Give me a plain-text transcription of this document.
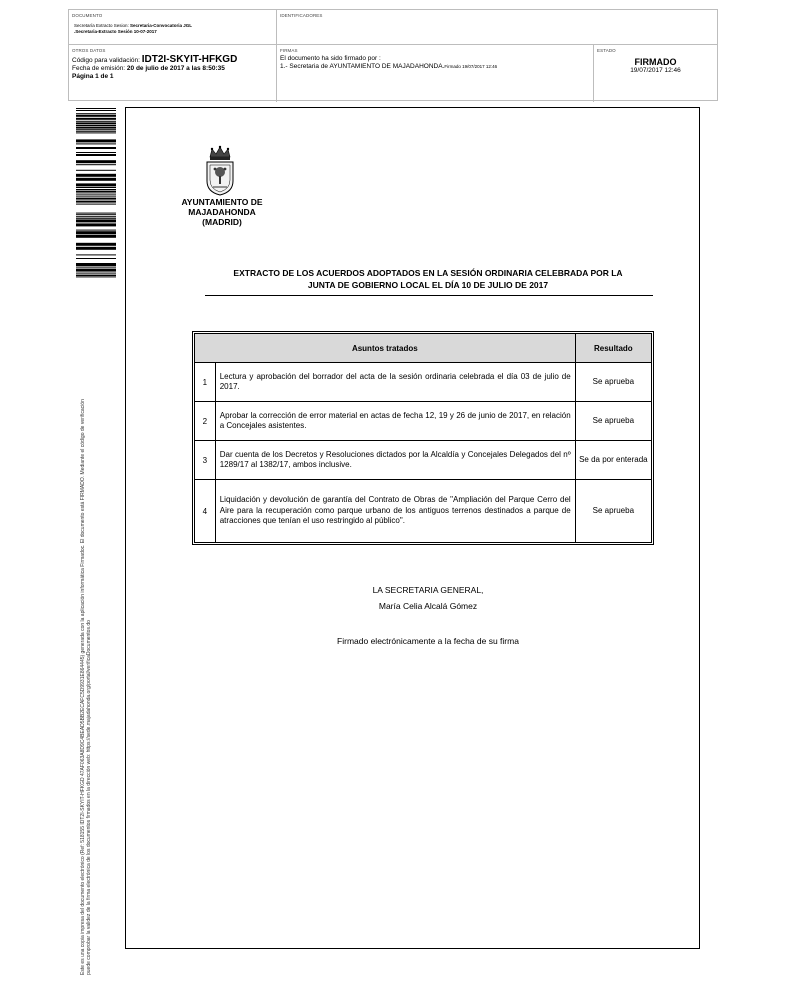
DOCUMENTO
Secretaría Extracto Sesion: Secretaria-Convocatoria JGL
.Secretaria-Extracto Sesión 10-07-2017
IDENTIFICADORES
OTROS DATOS
Código para validación: IDT2I-SKYIT-HFKGD
Fecha de emisión: 20 de julio de 2017 a las 8:50:35
Página 1 de 1
FIRMAS
El documento ha sido firmado por :
1.- Secretaria de AYUNTAMIENTO DE MAJADAHONDA.Firmado 19/07/2017 12:46
ESTADO
FIRMADO
19/07/2017 12:46
Este es una copia impresa del documento electrónico (Ref: 518155 IDT2I-SKYIT-HFKGD 47AF063A8D9C4BEAD5BB2ECAFC5D9931E864445) generada con la aplicación informática Firmadoc. El documento está FIRMADO. Mediante el código de verificación puede comprobar la validez de la firma electrónica de los documentos firmados en la dirección web: https://sede.majadahonda.org/portal/verificaDocumentos.do
AYUNTAMIENTO DE
MAJADAHONDA
(MADRID)
EXTRACTO DE LOS ACUERDOS ADOPTADOS EN LA SESIÓN ORDINARIA CELEBRADA POR LA
JUNTA DE GOBIERNO LOCAL EL DÍA 10 DE JULIO DE 2017
Asuntos tratados		Resultado
1	Lectura y aprobación del borrador del acta de la sesión ordinaria celebrada el día 03 de julio de 2017.	Se aprueba
2	Aprobar la corrección de error material en actas de fecha 12, 19 y 26 de junio de 2017, en relación a Concejales asistentes.	Se aprueba
3	Dar cuenta de los Decretos y Resoluciones dictados por la Alcaldía y Concejales Delegados del nº 1289/17 al 1382/17, ambos inclusive.	Se da por enterada
4	Liquidación y devolución de garantía del Contrato de Obras de "Ampliación del Parque Cerro del Aire para la recuperación como parque urbano de los antiguos terrenos destinados a parque de atracciones que tenían el uso restringido al público".	Se aprueba
LA SECRETARIA GENERAL,
María Celia Alcalá Gómez
Firmado electrónicamente a la fecha de su firma
